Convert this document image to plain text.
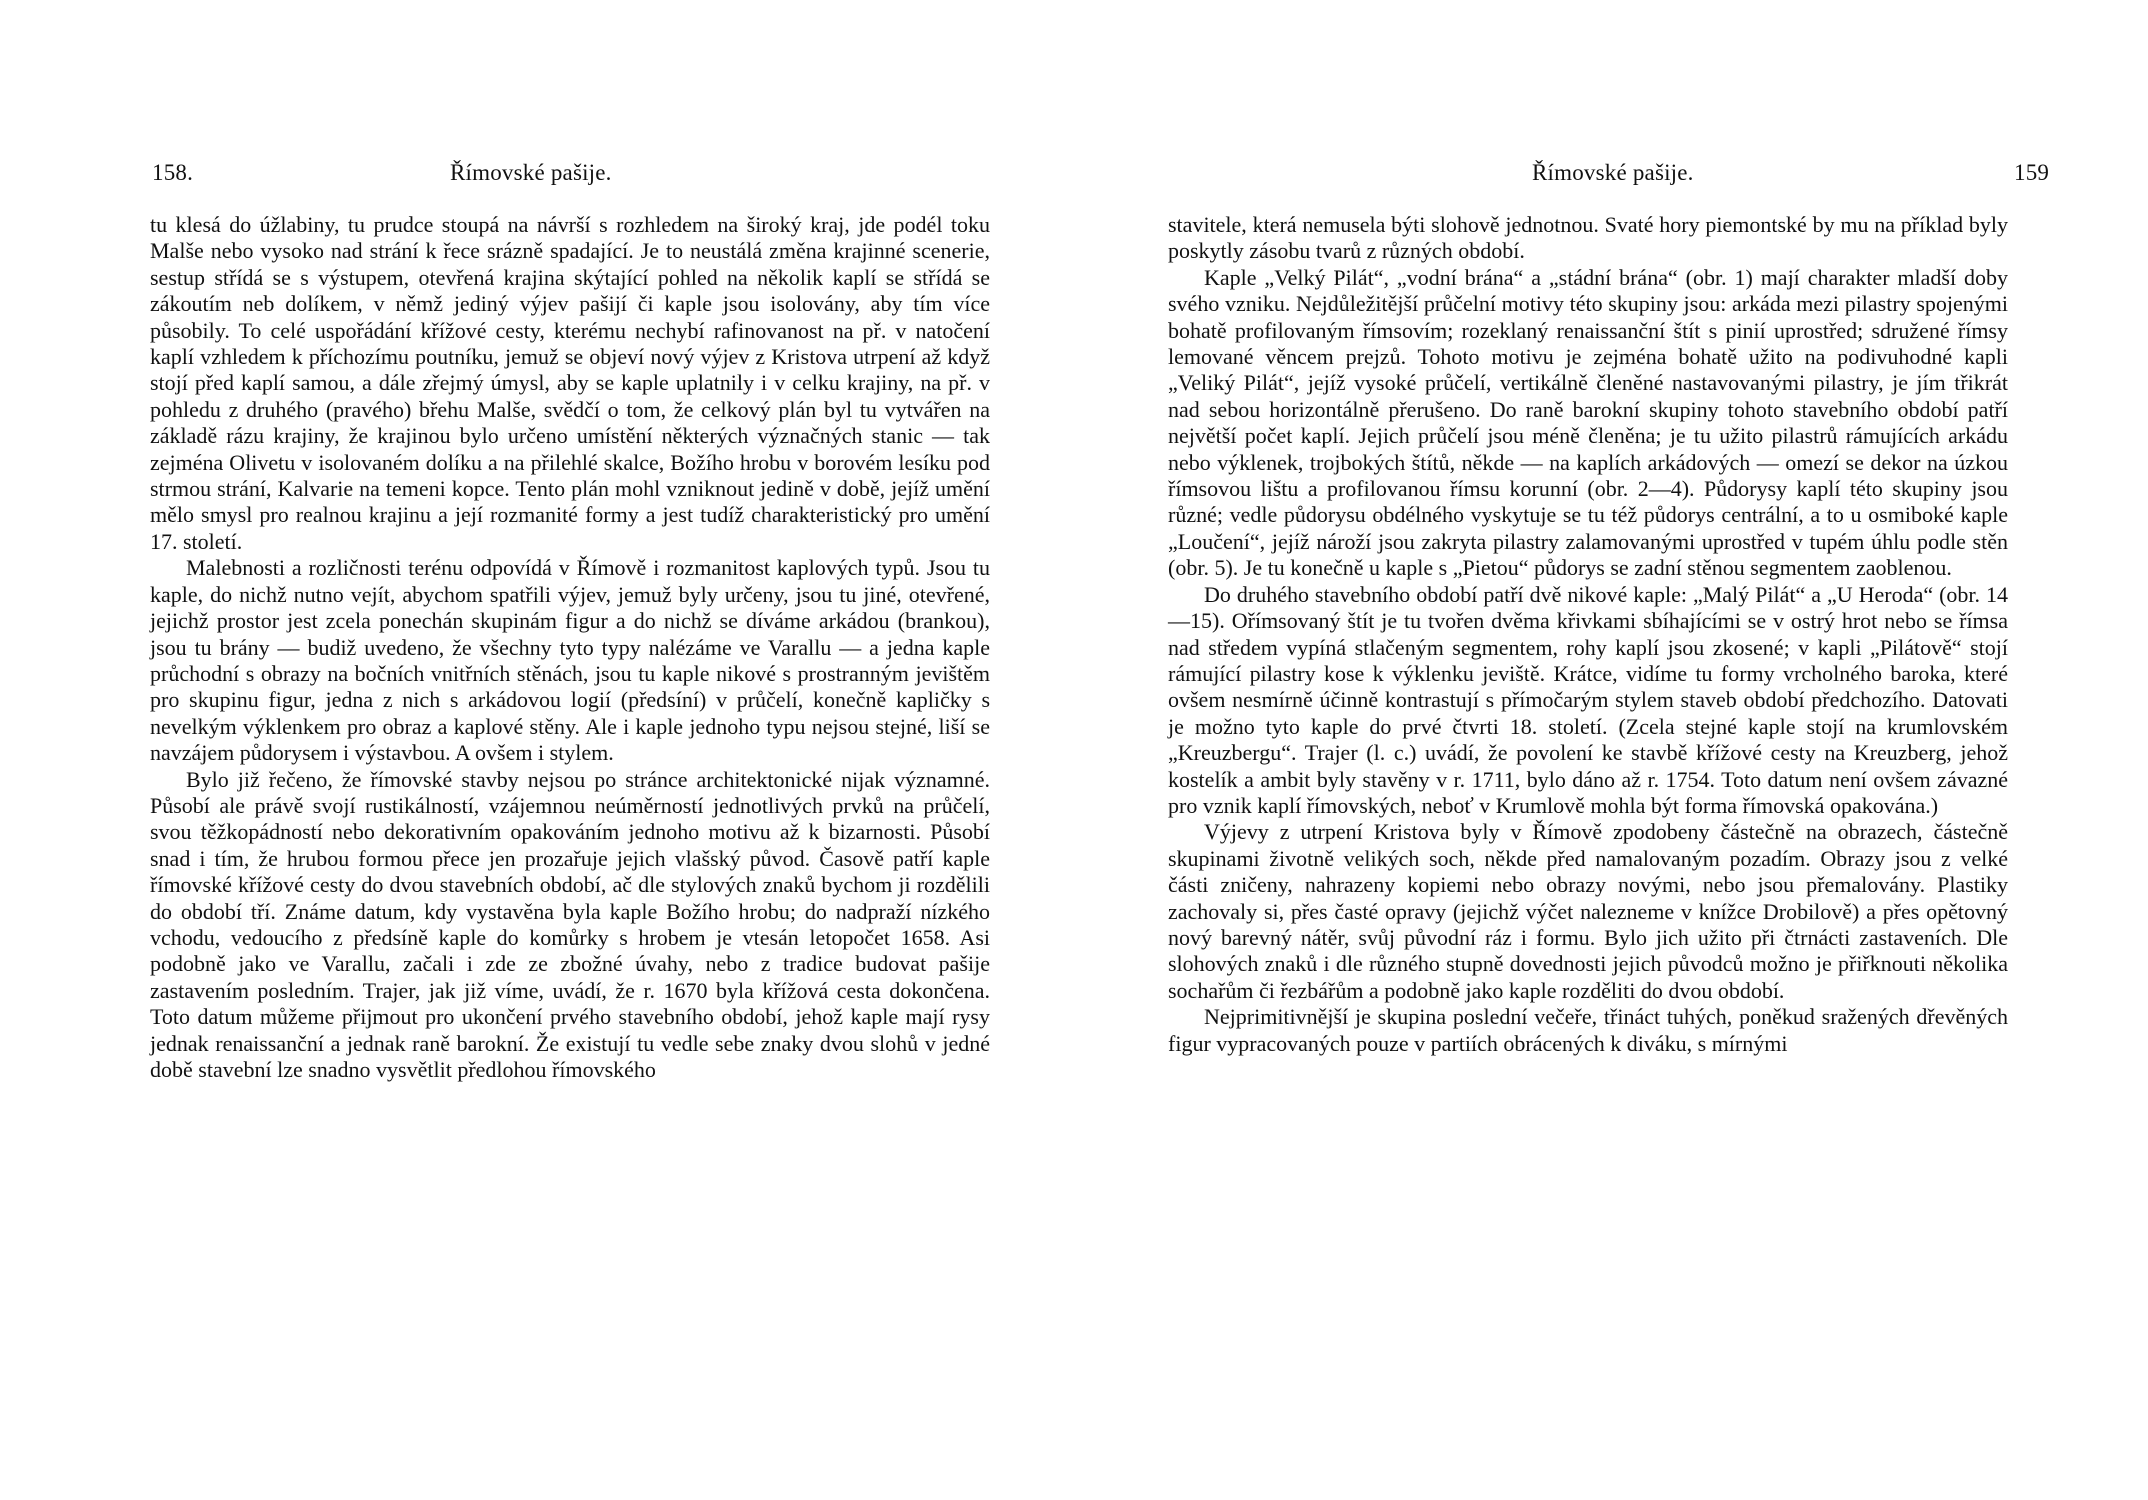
158.	Římovské pašije.

tu klesá do úžlabiny, tu prudce stoupá na návrší s rozhledem na široký kraj, jde podél toku Malše nebo vysoko nad strání k řece srázně spadající. Je to neustálá změna krajinné scenerie, sestup střídá se s výstupem, otevřená krajina skýtající pohled na několik kaplí se střídá se zákoutím neb dolíkem, v němž jediný výjev pašijí či kaple jsou isolovány, aby tím více působily. To celé uspořádání křížové cesty, kterému nechybí rafinovanost na př. v natočení kaplí vzhledem k příchozímu poutníku, jemuž se objeví nový výjev z Kristova utrpení až když stojí před kaplí samou, a dále zřejmý úmysl, aby se kaple uplatnily i v celku krajiny, na př. v pohledu z druhého (pravého) břehu Malše, svědčí o tom, že celkový plán byl tu vytvářen na základě rázu krajiny, že krajinou bylo určeno umístění některých význačných stanic — tak zejména Olivetu v isolovaném dolíku a na přilehlé skalce, Božího hrobu v borovém lesíku pod strmou strání, Kalvarie na temeni kopce. Tento plán mohl vzniknout jedině v době, jejíž umění mělo smysl pro realnou krajinu a její rozmanité formy a jest tudíž charakteristický pro umění 17. století.

Malebnosti a rozličnosti terénu odpovídá v Římově i rozmanitost kaplových typů. Jsou tu kaple, do nichž nutno vejít, abychom spatřili výjev, jemuž byly určeny, jsou tu jiné, otevřené, jejichž prostor jest zcela ponechán skupinám figur a do nichž se díváme arkádou (brankou), jsou tu brány — budiž uvedeno, že všechny tyto typy nalézáme ve Varallu — a jedna kaple průchodní s obrazy na bočních vnitřních stěnách, jsou tu kaple nikové s prostranným jevištěm pro skupinu figur, jedna z nich s arkádovou logií (předsíní) v průčelí, konečně kapličky s nevelkým výklenkem pro obraz a kaplové stěny. Ale i kaple jednoho typu nejsou stejné, liší se navzájem půdorysem i výstavbou. A ovšem i stylem.

Bylo již řečeno, že římovské stavby nejsou po stránce architektonické nijak významné. Působí ale právě svojí rustikálností, vzájemnou neúměrností jednotlivých prvků na průčelí, svou těžkopádností nebo dekorativním opakováním jednoho motivu až k bizarnosti. Působí snad i tím, že hrubou formou přece jen prozařuje jejich vlašský původ. Časově patří kaple římovské křížové cesty do dvou stavebních období, ač dle stylových znaků bychom ji rozdělili do období tří. Známe datum, kdy vystavěna byla kaple Božího hrobu; do nadpraží nízkého vchodu, vedoucího z předsíně kaple do komůrky s hrobem je vtesán letopočet 1658. Asi podobně jako ve Varallu, začali i zde ze zbožné úvahy, nebo z tradice budovat pašije zastavením posledním. Trajer, jak již víme, uvádí, že r. 1670 byla křížová cesta dokončena. Toto datum můžeme přijmout pro ukončení prvého stavebního období, jehož kaple mají rysy jednak renaissanční a jednak raně barokní. Že existují tu vedle sebe znaky dvou slohů v jedné době stavební lze snadno vysvětlit předlohou římovského

Římovské pašije.	159

stavitele, která nemusela býti slohově jednotnou. Svaté hory piemontské by mu na příklad byly poskytly zásobu tvarů z různých období.

Kaple „Velký Pilát“, „vodní brána“ a „stádní brána“ (obr. 1) mají charakter mladší doby svého vzniku. Nejdůležitější průčelní motivy této skupiny jsou: arkáda mezi pilastry spojenými bohatě profilovaným římsovím; rozeklaný renaissanční štít s pinií uprostřed; sdružené římsy lemované věncem prejzů. Tohoto motivu je zejména bohatě užito na podivuhodné kapli „Veliký Pilát“, jejíž vysoké průčelí, vertikálně členěné nastavovanými pilastry, je jím třikrát nad sebou horizontálně přerušeno. Do raně barokní skupiny tohoto stavebního období patří největší počet kaplí. Jejich průčelí jsou méně členěna; je tu užito pilastrů rámujících arkádu nebo výklenek, trojbokých štítů, někde — na kaplích arkádových — omezí se dekor na úzkou římsovou lištu a profilovanou římsu korunní (obr. 2—4). Půdorysy kaplí této skupiny jsou různé; vedle půdorysu obdélného vyskytuje se tu též půdorys centrální, a to u osmiboké kaple „Loučení“, jejíž nároží jsou zakryta pilastry zalamovanými uprostřed v tupém úhlu podle stěn (obr. 5). Je tu konečně u kaple s „Pietou“ půdorys se zadní stěnou segmentem zaoblenou.

Do druhého stavebního období patří dvě nikové kaple: „Malý Pilát“ a „U Heroda“ (obr. 14—15). Ořímsovaný štít je tu tvořen dvěma křivkami sbíhajícími se v ostrý hrot nebo se římsa nad středem vypíná stlačeným segmentem, rohy kaplí jsou zkosené; v kapli „Pilátově“ stojí rámující pilastry kose k výklenku jeviště. Krátce, vidíme tu formy vrcholného baroka, které ovšem nesmírně účinně kontrastují s přímočarým stylem staveb období předchozího. Datovati je možno tyto kaple do prvé čtvrti 18. století. (Zcela stejné kaple stojí na krumlovském „Kreuzbergu“. Trajer (l. c.) uvádí, že povolení ke stavbě křížové cesty na Kreuzberg, jehož kostelík a ambit byly stavěny v r. 1711, bylo dáno až r. 1754. Toto datum není ovšem závazné pro vznik kaplí římovských, neboť v Krumlově mohla být forma římovská opakována.)

Výjevy z utrpení Kristova byly v Římově zpodobeny částečně na obrazech, částečně skupinami životně velikých soch, někde před namalovaným pozadím. Obrazy jsou z velké části zničeny, nahrazeny kopiemi nebo obrazy novými, nebo jsou přemalovány. Plastiky zachovaly si, přes časté opravy (jejichž výčet nalezneme v knížce Drobilově) a přes opětovný nový barevný nátěr, svůj původní ráz i formu. Bylo jich užito při čtrnácti zastaveních. Dle slohových znaků i dle různého stupně dovednosti jejich původců možno je přiřknouti několika sochařům či řezbářům a podobně jako kaple rozděliti do dvou období.

Nejprimitivnější je skupina poslední večeře, třináct tuhých, poněkud sražených dřevěných figur vypracovaných pouze v partiích obrácených k diváku, s mírnými
